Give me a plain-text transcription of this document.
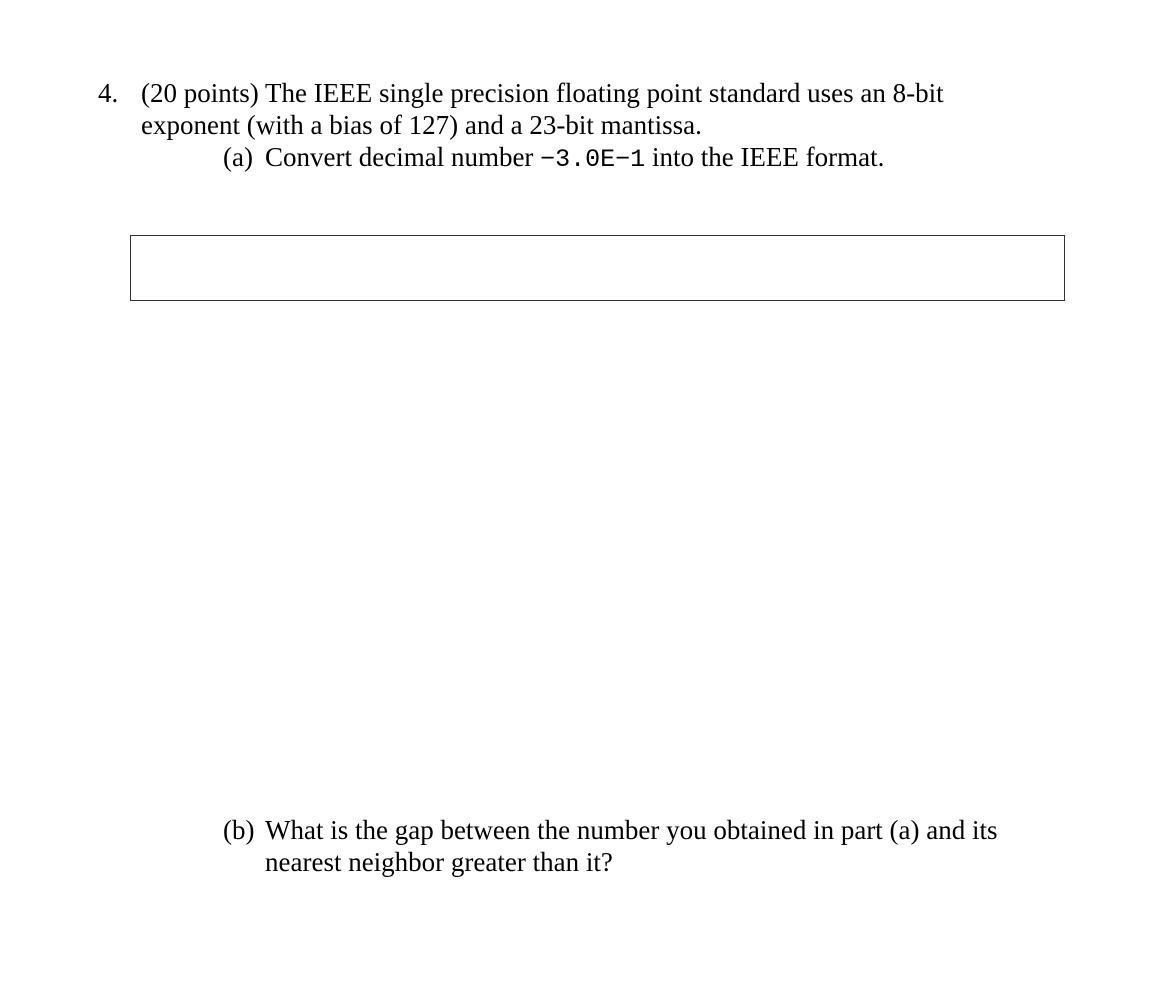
4. (20 points) The IEEE single precision floating point standard uses an 8-bit
exponent (with a bias of 127) and a 23-bit mantissa.
(a) Convert decimal number −3.0E−1 into the IEEE format.
(b) What is the gap between the number you obtained in part (a) and its
nearest neighbor greater than it?
